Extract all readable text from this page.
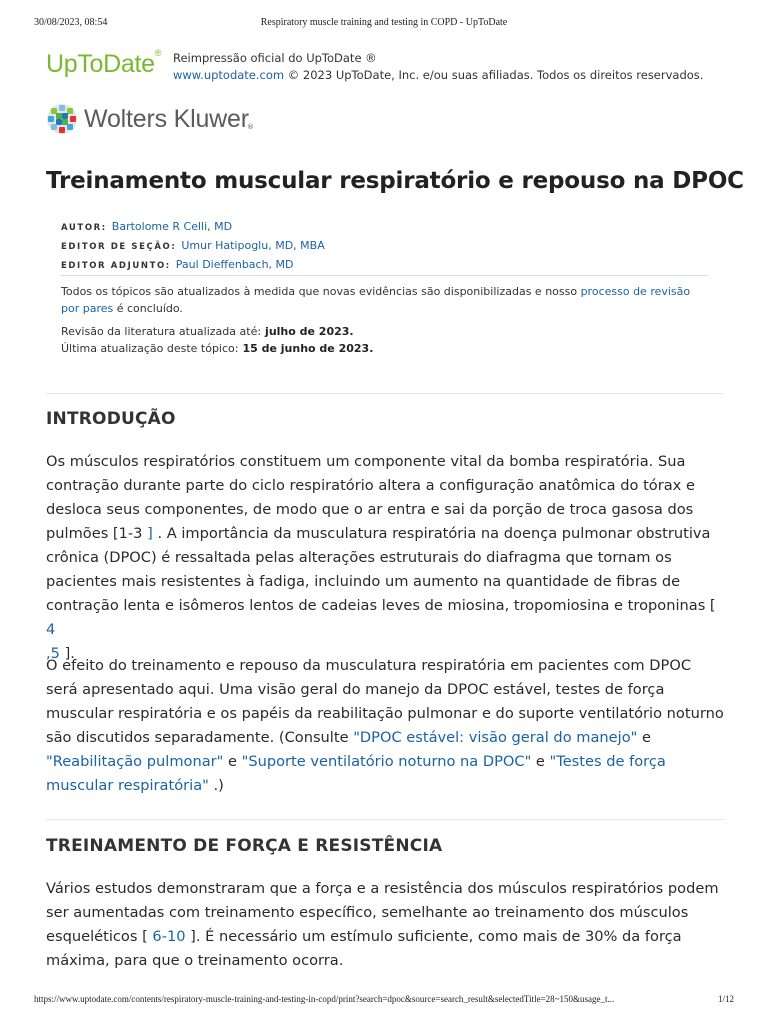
30/08/2023, 08:54	Respiratory muscle training and testing in COPD - UpToDate
UpToDate® Reimpressão oficial do UpToDate ®
www.uptodate.com © 2023 UpToDate, Inc. e/ou suas afiliadas. Todos os direitos reservados.
Wolters Kluwer
®
Treinamento muscular respiratório e repouso na DPOC
AUTOR: Bartolome R Celli, MD
EDITOR DE SEÇÃO: Umur Hatipoglu, MD, MBA
EDITOR ADJUNTO: Paul Dieffenbach, MD
Todos os tópicos são atualizados à medida que novas evidências são disponibilizadas e nosso processo de revisão por pares é concluído.
Revisão da literatura atualizada até: julho de 2023.
Última atualização deste tópico: 15 de junho de 2023.
INTRODUÇÃO

Os músculos respiratórios constituem um componente vital da bomba respiratória. Sua contração durante parte do ciclo respiratório altera a configuração anatômica do tórax e desloca seus componentes, de modo que o ar entra e sai da porção de troca gasosa dos pulmões [1-3 ] . A importância da musculatura respiratória na doença pulmonar obstrutiva crônica (DPOC) é ressaltada pelas alterações estruturais do diafragma que tornam os pacientes mais resistentes à fadiga, incluindo um aumento na quantidade de fibras de contração lenta e isômeros lentos de cadeias leves de miosina, tropomiosina e troponinas [ 4
,5 ].

O efeito do treinamento e repouso da musculatura respiratória em pacientes com DPOC será apresentado aqui. Uma visão geral do manejo da DPOC estável, testes de força muscular respiratória e os papéis da reabilitação pulmonar e do suporte ventilatório noturno são discutidos separadamente. (Consulte "DPOC estável: visão geral do manejo" e "Reabilitação pulmonar" e "Suporte ventilatório noturno na DPOC" e "Testes de força muscular respiratória" .)

TREINAMENTO DE FORÇA E RESISTÊNCIA

Vários estudos demonstraram que a força e a resistência dos músculos respiratórios podem ser aumentadas com treinamento específico, semelhante ao treinamento dos músculos esqueléticos [ 6-10 ]. É necessário um estímulo suficiente, como mais de 30% da força máxima, para que o treinamento ocorra.

https://www.uptodate.com/contents/respiratory-muscle-training-and-testing-in-copd/print?search=dpoc&source=search_result&selectedTitle=28~150&usage_t...	1/12
